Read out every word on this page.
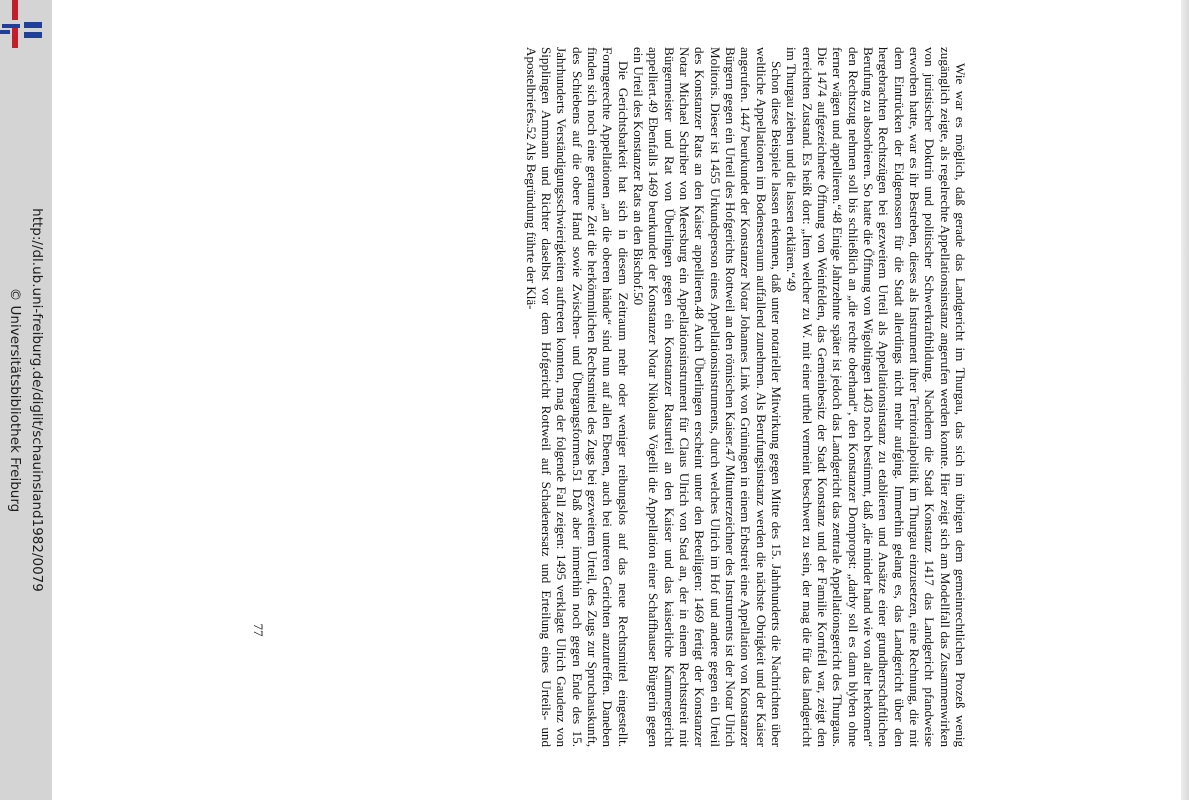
http://dl.ub.uni-freiburg.de/diglit/schauinsland1982/0079
© Universitätsbibliothek Freiburg	Wie war es möglich, daß gerade das Landgericht im Thurgau, das sich im übrigen dem gemeinrechtlichen Prozeß wenig zugänglich zeigte, als regelrechte Appellationsinstanz angerufen werden konnte. Hier zeigt sich am Modellfall das Zusammenwirken von juristischer Doktrin und politischer Schwerkraftbildung. Nachdem die Stadt Konstanz 1417 das Landgericht pfandweise erworben hatte, war es ihr Bestreben, dieses als Instrument ihrer Territorialpolitik im Thurgau einzusetzen, eine Rechnung, die mit dem Eintrücken der Eidgenossen für die Stadt allerdings nicht mehr aufging. Immerhin gelang es, das Landgericht über den hergebrachten Rechtszügen bei gezweitem Urteil als Appellationsinstanz zu etablieren und Ansätze einer grundherrschaftlichen Berufung zu absorbieren. So hatte die Öffnung von Wigoltingen 1403 noch bestimmt, daß „die minder hand wie von alter herkomen“ den Rechtszug nehmen soll bis schließlich an „die rechte oberhand“, den Konstanzer Dompropst: „darby soll es dann blyben ohne ferner wägen und appellieren.“48 Einige Jahrzehnte später ist jedoch das Landgericht das zentrale Appellationsgericht des Thurgaus. Die 1474 aufgezeichnete Öffnung von Weinfelden, das Gemeinbesitz der Stadt Konstanz und der Familie Kornfell war, zeigt den erreichten Zustand. Es heißt dort: „Item welcher zu W. mit einer urthel vermeint beschwert zu sein, der mag die für das landgericht im Thurgau ziehen und die lassen erklären.“49

Schon diese Beispiele lassen erkennen, daß unter notarieller Mitwirkung gegen Mitte des 15. Jahrhunderts die Nachrichten über weltliche Appellationen im Bodenseeraum auffallend zunehmen. Als Berufungsinstanz werden die nächste Obrigkeit und der Kaiser angerufen. 1447 beurkundet der Konstanzer Notar Johannes Link von Grüningen in einem Erbstreit eine Appellation von Konstanzer Bürgern gegen ein Urteil des Hofgerichts Rottweil an den römischen Kaiser.47 Mitunterzeichner des Instruments ist der Notar Ulrich Molitoris. Dieser ist 1455 Urkundsperson eines Appellationsinstruments, durch welches Ulrich im Hof und andere gegen ein Urteil des Konstanzer Rats an den Kaiser appellieren.48 Auch Überlingen erscheint unter den Beteiligten: 1469 fertigt der Konstanzer Notar Michael Schriber von Meersburg ein Appellationsinstrument für Claus Ulrich von Stad an, der in einem Rechtsstreit mit Bürgermeister und Rat von Überlingen gegen ein Konstanzer Ratsurteil an den Kaiser und das kaiserliche Kammergericht appelliert.49 Ebenfalls 1469 beurkundet der Konstanzer Notar Nikolaus Vögelli die Appellation einer Schaffhauser Bürgerin gegen ein Urteil des Konstanzer Rats an den Bischof.50

Die Gerichtsbarkeit hat sich in diesem Zeitraum mehr oder weniger reibungslos auf das neue Rechtsmittel eingestellt. Formgerechte Appellationen „an die oberen hände“ sind nun auf allen Ebenen, auch bei unteren Gerichten anzutreffen. Daneben finden sich noch eine geraume Zeit die herkömmlichen Rechtsmittel des Zugs bei gezweitem Urteil, des Zugs zur Spruchauskunft, des Schiebens auf die obere Hand sowie Zwischen- und Übergangsformen.51 Daß aber immerhin noch gegen Ende des 15. Jahrhunderts Verständigungsschwierigkeiten auftreten konnten, mag der folgende Fall zeigen: 1495 verklagte Ulrich Gaudenz von Sipplingen Ammann und Richter daselbst vor dem Hofgericht Rottweil auf Schadenersatz und Erteilung eines Urteils- und Apostelbriefes.52 Als Begründung führte der Klä-

77
